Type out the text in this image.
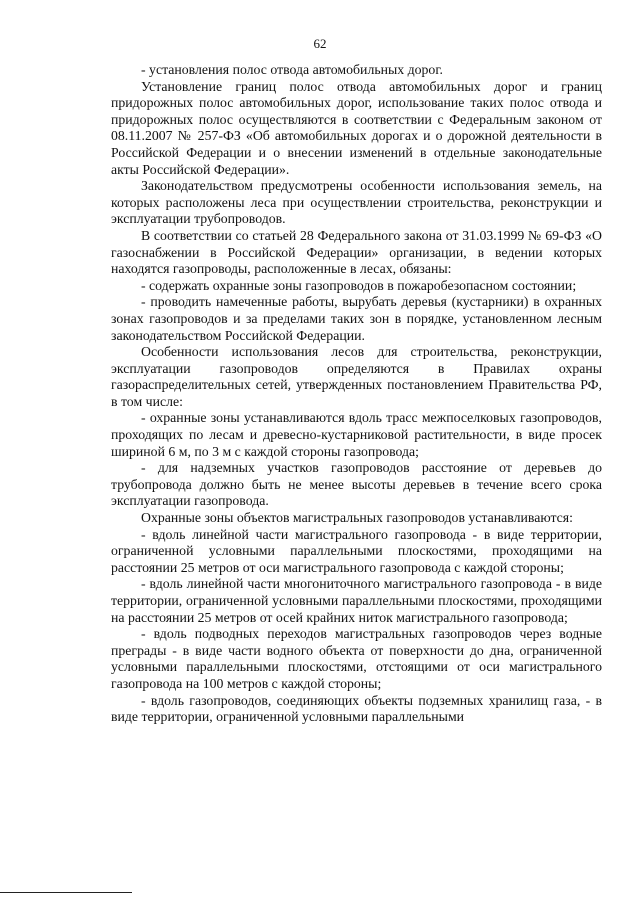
62

- установления полос отвода автомобильных дорог.

Установление границ полос отвода автомобильных дорог и границ придорожных полос автомобильных дорог, использование таких полос отвода и придорожных полос осуществляются в соответствии с Федеральным законом от 08.11.2007 № 257-ФЗ «Об автомобильных дорогах и о дорожной деятельности в Российской Федерации и о внесении изменений в отдельные законодательные акты Российской Федерации».

Законодательством предусмотрены особенности использования земель, на которых расположены леса при осуществлении строительства, реконструкции и эксплуатации трубопроводов.

В соответствии со статьей 28 Федерального закона от 31.03.1999 № 69-ФЗ «О газоснабжении в Российской Федерации» организации, в ведении которых находятся газопроводы, расположенные в лесах, обязаны:

- содержать охранные зоны газопроводов в пожаробезопасном состоянии;

- проводить намеченные работы, вырубать деревья (кустарники) в охранных зонах газопроводов и за пределами таких зон в порядке, установленном лесным законодательством Российской Федерации.

Особенности использования лесов для строительства, реконструкции, эксплуатации газопроводов определяются в Правилах охраны газораспределительных сетей, утвержденных постановлением Правительства РФ, в том числе:

- охранные зоны устанавливаются вдоль трасс межпоселковых газопроводов, проходящих по лесам и древесно-кустарниковой растительности, в виде просек шириной 6 м, по 3 м с каждой стороны газопровода;

- для надземных участков газопроводов расстояние от деревьев до трубопровода должно быть не менее высоты деревьев в течение всего срока эксплуатации газопровода.

Охранные зоны объектов магистральных газопроводов устанавливаются:

- вдоль линейной части магистрального газопровода - в виде территории, ограниченной условными параллельными плоскостями, проходящими на расстоянии 25 метров от оси магистрального газопровода с каждой стороны;

- вдоль линейной части многониточного магистрального газопровода - в виде территории, ограниченной условными параллельными плоскостями, проходящими на расстоянии 25 метров от осей крайних ниток магистрального газопровода;

- вдоль подводных переходов магистральных газопроводов через водные преграды - в виде части водного объекта от поверхности до дна, ограниченной условными параллельными плоскостями, отстоящими от оси магистрального газопровода на 100 метров с каждой стороны;

- вдоль газопроводов, соединяющих объекты подземных хранилищ газа, - в виде территории, ограниченной условными параллельными
